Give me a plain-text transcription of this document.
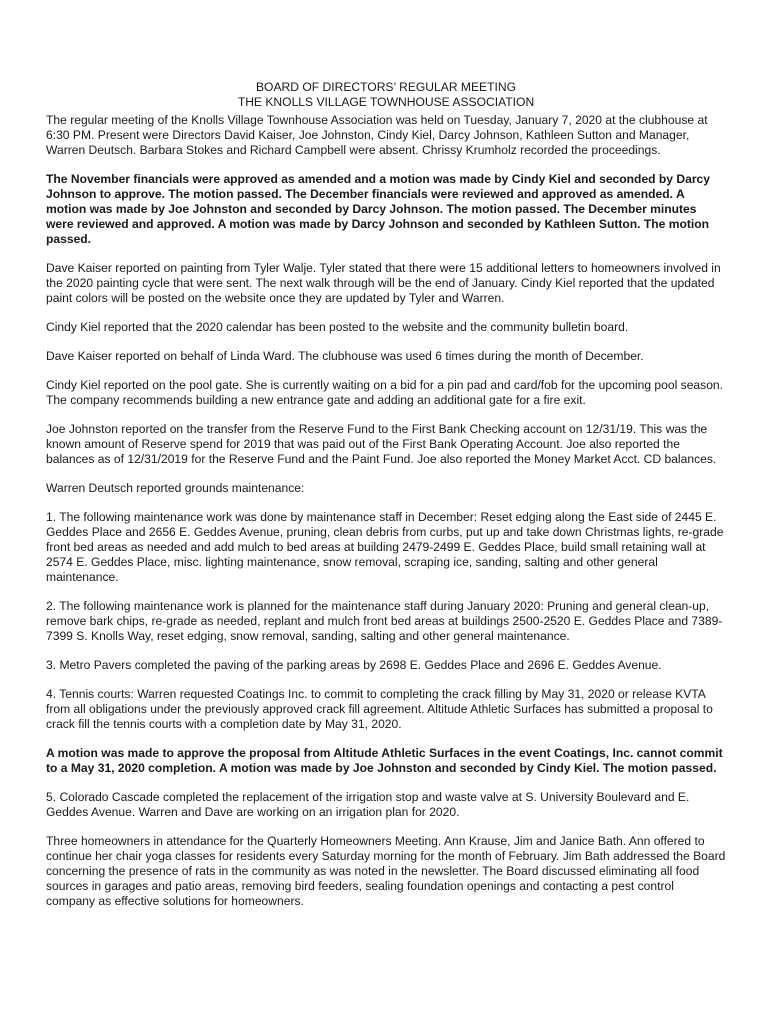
BOARD OF DIRECTORS’ REGULAR MEETING
THE KNOLLS VILLAGE TOWNHOUSE ASSOCIATION

The regular meeting of the Knolls Village Townhouse Association was held on Tuesday, January 7, 2020 at the clubhouse at 6:30 PM. Present were Directors David Kaiser, Joe Johnston, Cindy Kiel, Darcy Johnson, Kathleen Sutton and Manager, Warren Deutsch. Barbara Stokes and Richard Campbell were absent. Chrissy Krumholz recorded the proceedings.

The November financials were approved as amended and a motion was made by Cindy Kiel and seconded by Darcy Johnson to approve. The motion passed. The December financials were reviewed and approved as amended. A motion was made by Joe Johnston and seconded by Darcy Johnson. The motion passed. The December minutes were reviewed and approved. A motion was made by Darcy Johnson and seconded by Kathleen Sutton. The motion passed.

Dave Kaiser reported on painting from Tyler Walje. Tyler stated that there were 15 additional letters to homeowners involved in the 2020 painting cycle that were sent. The next walk through will be the end of January. Cindy Kiel reported that the updated paint colors will be posted on the website once they are updated by Tyler and Warren.

Cindy Kiel reported that the 2020 calendar has been posted to the website and the community bulletin board.

Dave Kaiser reported on behalf of Linda Ward. The clubhouse was used 6 times during the month of December.

Cindy Kiel reported on the pool gate. She is currently waiting on a bid for a pin pad and card/fob for the upcoming pool season. The company recommends building a new entrance gate and adding an additional gate for a fire exit.

Joe Johnston reported on the transfer from the Reserve Fund to the First Bank Checking account on 12/31/19. This was the known amount of Reserve spend for 2019 that was paid out of the First Bank Operating Account. Joe also reported the balances as of 12/31/2019 for the Reserve Fund and the Paint Fund. Joe also reported the Money Market Acct. CD balances.

Warren Deutsch reported grounds maintenance:

1. The following maintenance work was done by maintenance staff in December: Reset edging along the East side of 2445 E. Geddes Place and 2656 E. Geddes Avenue, pruning, clean debris from curbs, put up and take down Christmas lights, re-grade front bed areas as needed and add mulch to bed areas at building 2479-2499 E. Geddes Place, build small retaining wall at 2574 E. Geddes Place, misc. lighting maintenance, snow removal, scraping ice, sanding, salting and other general maintenance.

2. The following maintenance work is planned for the maintenance staff during January 2020: Pruning and general clean-up, remove bark chips, re-grade as needed, replant and mulch front bed areas at buildings 2500-2520 E. Geddes Place and 7389-7399 S. Knolls Way, reset edging, snow removal, sanding, salting and other general maintenance.

3. Metro Pavers completed the paving of the parking areas by 2698 E. Geddes Place and 2696 E. Geddes Avenue.

4. Tennis courts: Warren requested Coatings Inc. to commit to completing the crack filling by May 31, 2020 or release KVTA from all obligations under the previously approved crack fill agreement. Altitude Athletic Surfaces has submitted a proposal to crack fill the tennis courts with a completion date by May 31, 2020.

A motion was made to approve the proposal from Altitude Athletic Surfaces in the event Coatings, Inc. cannot commit to a May 31, 2020 completion. A motion was made by Joe Johnston and seconded by Cindy Kiel. The motion passed.

5. Colorado Cascade completed the replacement of the irrigation stop and waste valve at S. University Boulevard and E. Geddes Avenue. Warren and Dave are working on an irrigation plan for 2020.

Three homeowners in attendance for the Quarterly Homeowners Meeting. Ann Krause, Jim and Janice Bath. Ann offered to continue her chair yoga classes for residents every Saturday morning for the month of February. Jim Bath addressed the Board concerning the presence of rats in the community as was noted in the newsletter. The Board discussed eliminating all food sources in garages and patio areas, removing bird feeders, sealing foundation openings and contacting a pest control company as effective solutions for homeowners.
